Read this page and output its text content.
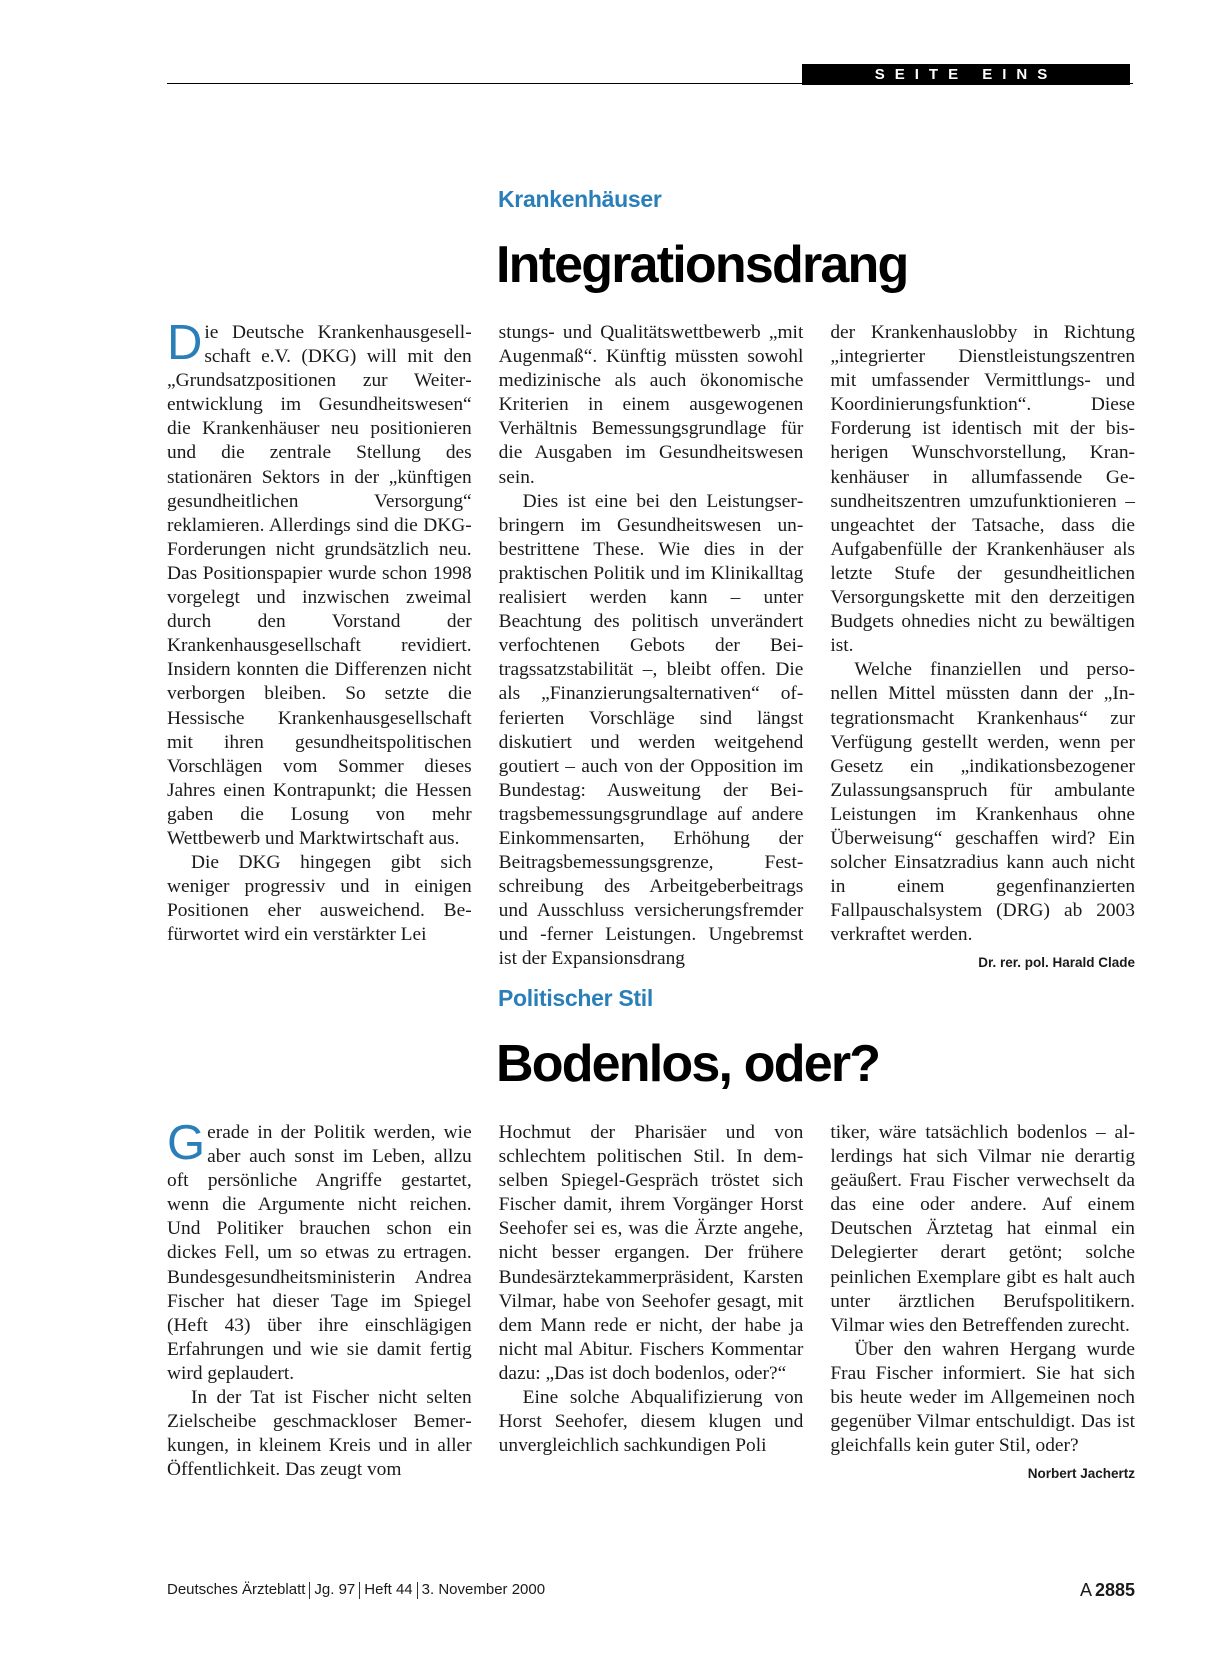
SEITE EINS
Krankenhäuser
Integrationsdrang

Die Deutsche Krankenhausgesellschaft e.V. (DKG) will mit den „Grundsatzpositionen zur Weiterentwicklung im Gesundheitswesen“ die Krankenhäuser neu positionieren und die zentrale Stellung des stationären Sektors in der „künftigen gesundheitlichen Versorgung“ reklamieren. Allerdings sind die DKG-Forderungen nicht grundsätzlich neu. Das Positionspapier wurde schon 1998 vorgelegt und inzwischen zweimal durch den Vorstand der Krankenhausgesellschaft revidiert. Insidern konnten die Differenzen nicht verborgen bleiben. So setzte die Hessische Krankenhausgesellschaft mit ihren gesundheitspolitischen Vorschlägen vom Sommer dieses Jahres einen Kontrapunkt; die Hessen gaben die Losung von mehr Wettbewerb und Marktwirtschaft aus.

Die DKG hingegen gibt sich weniger progressiv und in einigen Positionen eher ausweichend. Befürwortet wird ein verstärkter Lei

stungs- und Qualitätswettbewerb „mit Augenmaß“. Künftig müssten sowohl medizinische als auch ökonomische Kriterien in einem ausgewogenen Verhältnis Bemessungsgrundlage für die Ausgaben im Gesundheitswesen sein.

Dies ist eine bei den Leistungserbringern im Gesundheitswesen unbestrittene These. Wie dies in der praktischen Politik und im Klinikalltag realisiert werden kann – unter Beachtung des politisch unverändert verfochtenen Gebots der Beitragssatzstabilität –, bleibt offen. Die als „Finanzierungsalternativen“ offerierten Vorschläge sind längst diskutiert und werden weitgehend goutiert – auch von der Opposition im Bundestag: Ausweitung der Beitragsbemessungsgrundlage auf andere Einkommensarten, Erhöhung der Beitragsbemessungsgrenze, Festschreibung des Arbeitgeberbeitrags und Ausschluss versicherungsfremder und -ferner Leistungen. Ungebremst ist der Expansionsdrang

der Krankenhauslobby in Richtung „integrierter Dienstleistungszentren mit umfassender Vermittlungs- und Koordinierungsfunktion“. Diese Forderung ist identisch mit der bisherigen Wunschvorstellung, Krankenhäuser in allumfassende Gesundheitszentren umzufunktionieren – ungeachtet der Tatsache, dass die Aufgabenfülle der Krankenhäuser als letzte Stufe der gesundheitlichen Versorgungskette mit den derzeitigen Budgets ohnedies nicht zu bewältigen ist.

Welche finanziellen und personellen Mittel müssten dann der „Integrationsmacht Krankenhaus“ zur Verfügung gestellt werden, wenn per Gesetz ein „indikationsbezogener Zulassungsanspruch für ambulante Leistungen im Krankenhaus ohne Überweisung“ geschaffen wird? Ein solcher Einsatzradius kann auch nicht in einem gegenfinanzierten Fallpauschalsystem (DRG) ab 2003 verkraftet werden.
Dr. rer. pol. Harald Clade

Politischer Stil
Bodenlos, oder?

Gerade in der Politik werden, wie aber auch sonst im Leben, allzu oft persönliche Angriffe gestartet, wenn die Argumente nicht reichen. Und Politiker brauchen schon ein dickes Fell, um so etwas zu ertragen. Bundesgesundheitsministerin Andrea Fischer hat dieser Tage im Spiegel (Heft 43) über ihre einschlägigen Erfahrungen und wie sie damit fertig wird geplaudert.

In der Tat ist Fischer nicht selten Zielscheibe geschmackloser Bemerkungen, in kleinem Kreis und in aller Öffentlichkeit. Das zeugt vom

Hochmut der Pharisäer und von schlechtem politischen Stil. In demselben Spiegel-Gespräch tröstet sich Fischer damit, ihrem Vorgänger Horst Seehofer sei es, was die Ärzte angehe, nicht besser ergangen. Der frühere Bundesärztekammerpräsident, Karsten Vilmar, habe von Seehofer gesagt, mit dem Mann rede er nicht, der habe ja nicht mal Abitur. Fischers Kommentar dazu: „Das ist doch bodenlos, oder?“

Eine solche Abqualifizierung von Horst Seehofer, diesem klugen und unvergleichlich sachkundigen Poli

tiker, wäre tatsächlich bodenlos – allerdings hat sich Vilmar nie derartig geäußert. Frau Fischer verwechselt da das eine oder andere. Auf einem Deutschen Ärztetag hat einmal ein Delegierter derart getönt; solche peinlichen Exemplare gibt es halt auch unter ärztlichen Berufspolitikern. Vilmar wies den Betreffenden zurecht.

Über den wahren Hergang wurde Frau Fischer informiert. Sie hat sich bis heute weder im Allgemeinen noch gegenüber Vilmar entschuldigt. Das ist gleichfalls kein guter Stil, oder?
Norbert Jachertz

Deutsches Ärzteblatt Jg. 97 Heft 44 3. November 2000	A 2885
